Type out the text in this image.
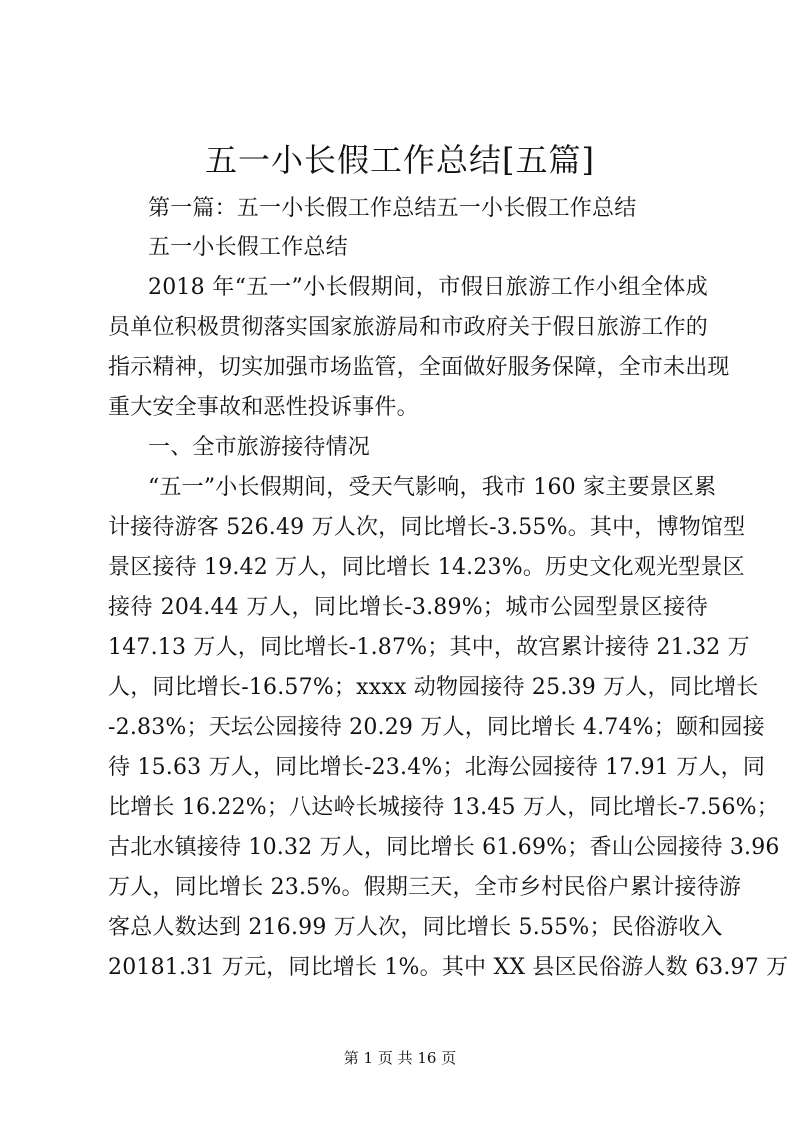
五一小长假工作总结[五篇]
第一篇：五一小长假工作总结五一小长假工作总结
五一小长假工作总结
2018 年“五一”小长假期间，市假日旅游工作小组全体成
员单位积极贯彻落实国家旅游局和市政府关于假日旅游工作的
指示精神，切实加强市场监管，全面做好服务保障，全市未出现
重大安全事故和恶性投诉事件。
一、全市旅游接待情况
“五一”小长假期间，受天气影响，我市 160 家主要景区累
计接待游客 526.49 万人次，同比增长-3.55%。其中，博物馆型
景区接待 19.42 万人，同比增长 14.23%。历史文化观光型景区
接待 204.44 万人，同比增长-3.89%；城市公园型景区接待
147.13 万人，同比增长-1.87%；其中，故宫累计接待 21.32 万
人，同比增长-16.57%；xxxx 动物园接待 25.39 万人，同比增长
-2.83%；天坛公园接待 20.29 万人，同比增长 4.74%；颐和园接
待 15.63 万人，同比增长-23.4%；北海公园接待 17.91 万人，同
比增长 16.22%；八达岭长城接待 13.45 万人，同比增长-7.56%；
古北水镇接待 10.32 万人，同比增长 61.69%；香山公园接待 3.96
万人，同比增长 23.5%。假期三天，全市乡村民俗户累计接待游
客总人数达到 216.99 万人次，同比增长 5.55%；民俗游收入
20181.31 万元，同比增长 1%。其中 XX 县区民俗游人数 63.97 万
第 1 页 共 16 页
